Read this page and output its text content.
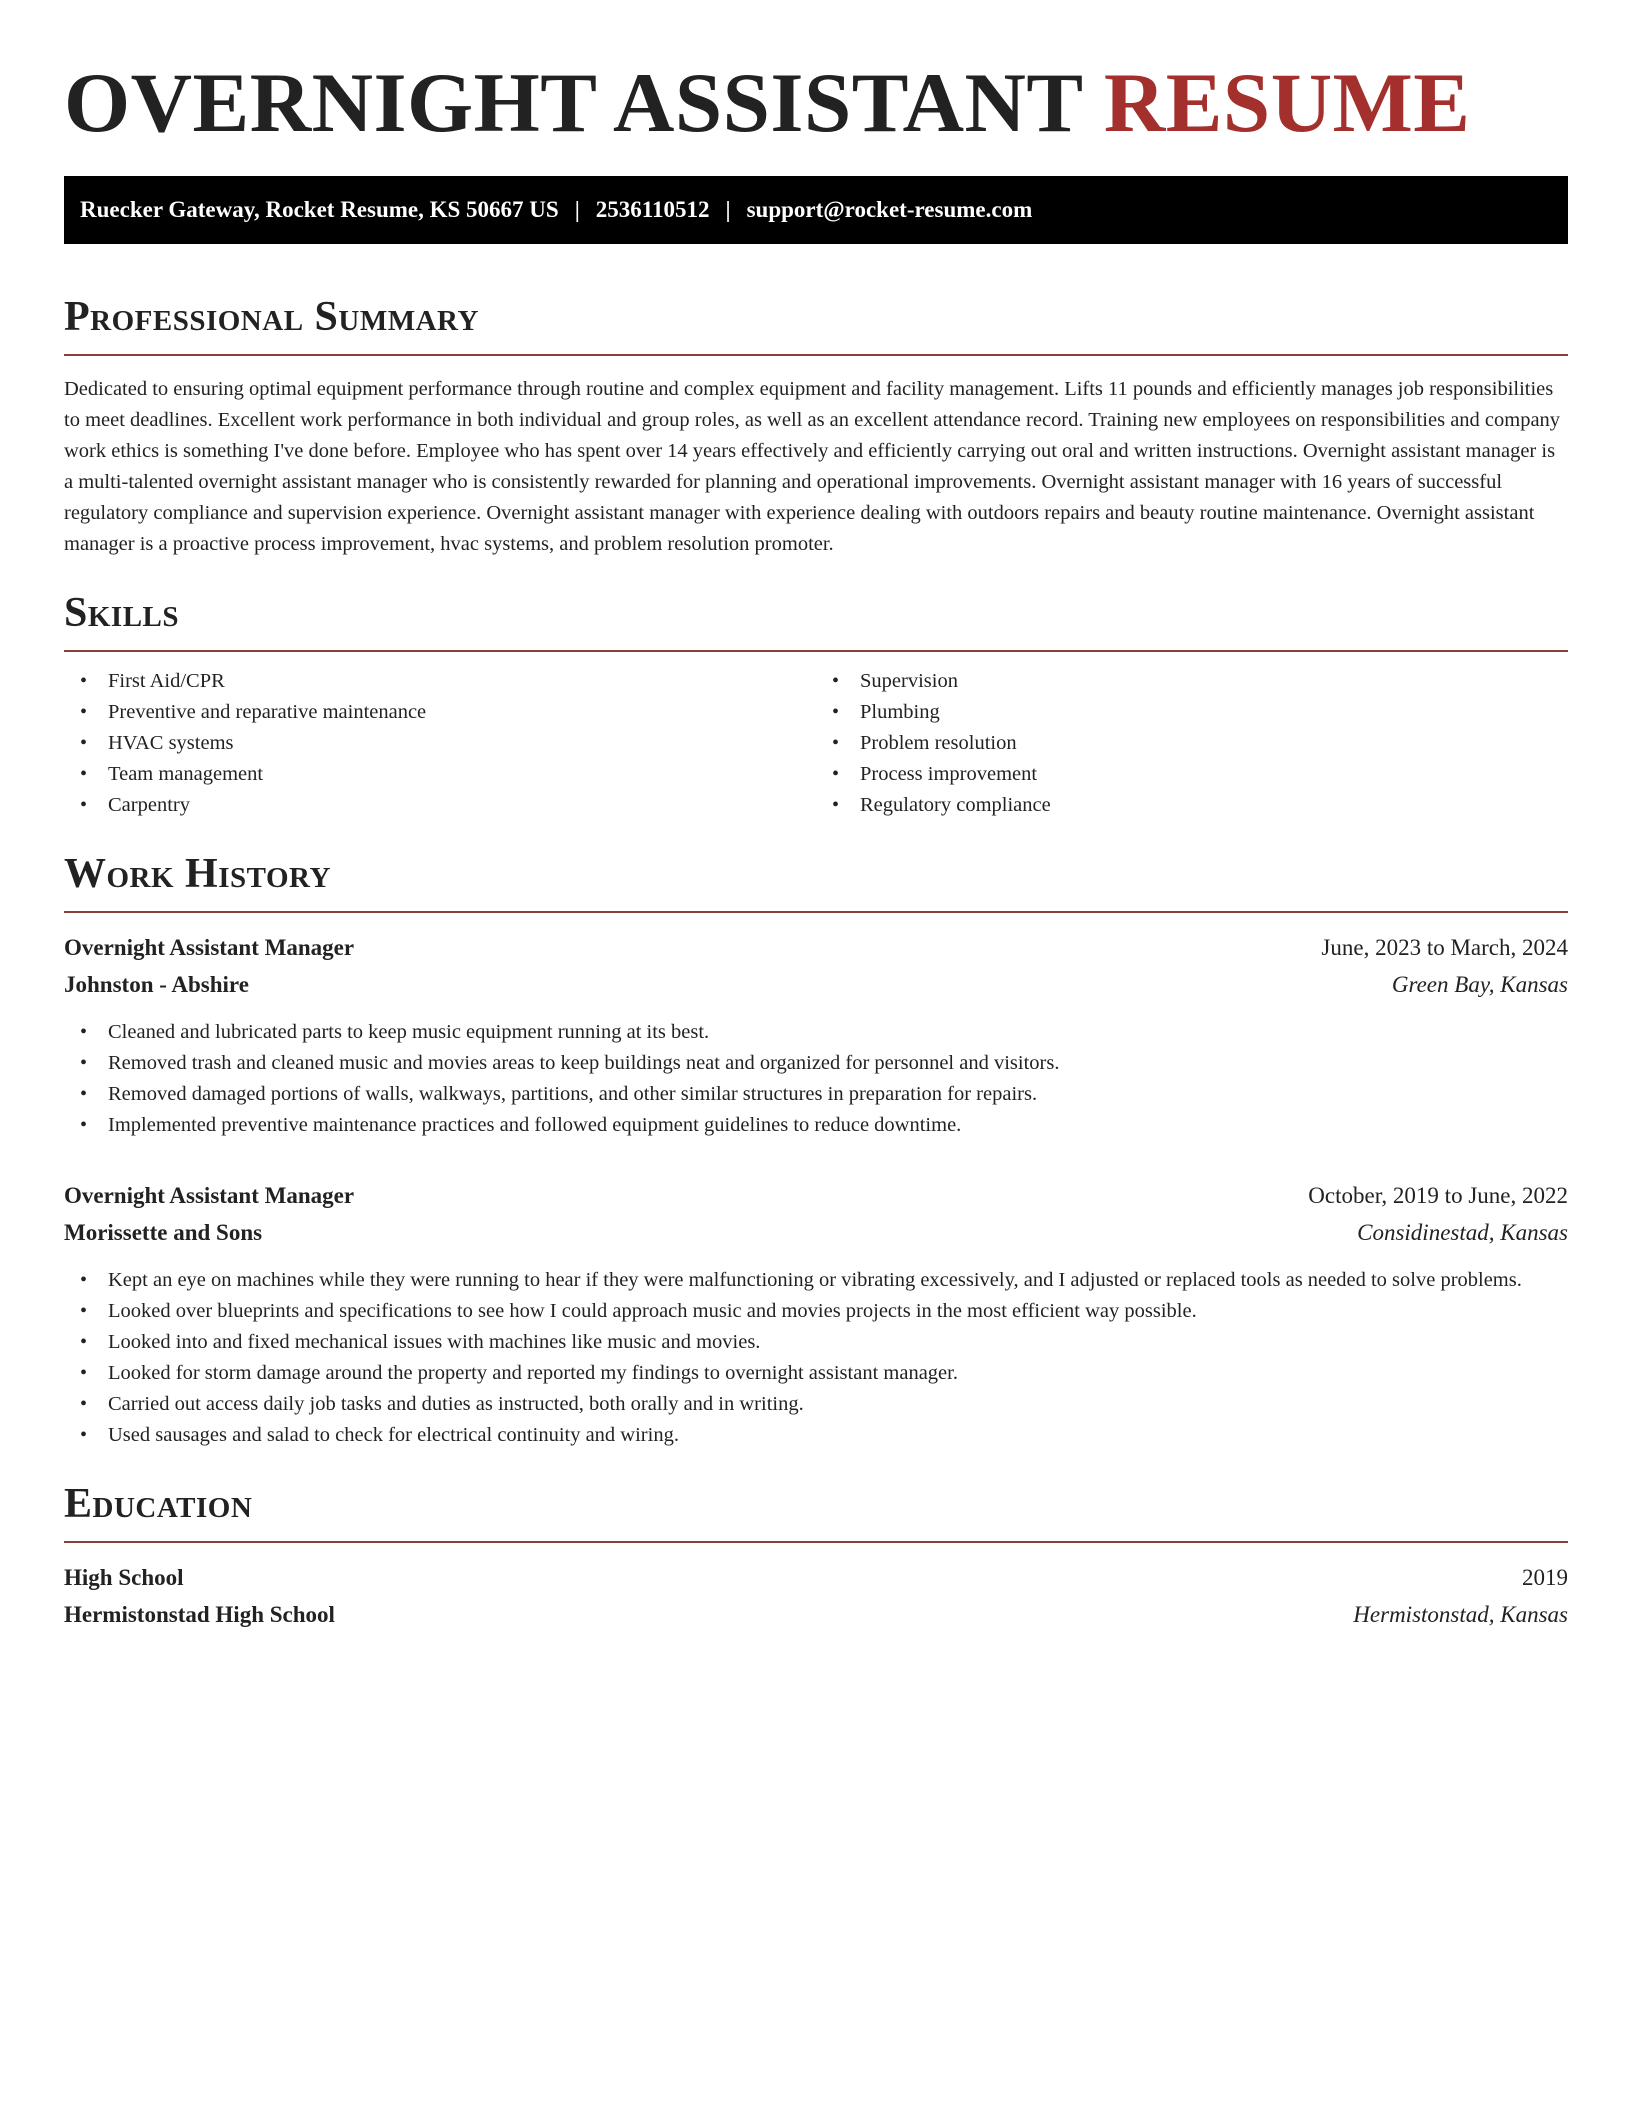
OVERNIGHT ASSISTANT RESUME
Ruecker Gateway, Rocket Resume, KS 50667 US | 2536110512 | support@rocket-resume.com
Professional Summary

Dedicated to ensuring optimal equipment performance through routine and complex equipment and facility management. Lifts 11 pounds and efficiently manages job responsibilities to meet deadlines. Excellent work performance in both individual and group roles, as well as an excellent attendance record. Training new employees on responsibilities and company work ethics is something I've done before. Employee who has spent over 14 years effectively and efficiently carrying out oral and written instructions. Overnight assistant manager is a multi-talented overnight assistant manager who is consistently rewarded for planning and operational improvements. Overnight assistant manager with 16 years of successful regulatory compliance and supervision experience. Overnight assistant manager with experience dealing with outdoors repairs and beauty routine maintenance. Overnight assistant manager is a proactive process improvement, hvac systems, and problem resolution promoter.

Skills
• First Aid/CPR
• Preventive and reparative maintenance
• HVAC systems
• Team management
• Carpentry
• Supervision
• Plumbing
• Problem resolution
• Process improvement
• Regulatory compliance
Work History
Overnight Assistant Manager	June, 2023 to March, 2024
Johnston - Abshire	Green Bay, Kansas
• Cleaned and lubricated parts to keep music equipment running at its best.
• Removed trash and cleaned music and movies areas to keep buildings neat and organized for personnel and visitors.
• Removed damaged portions of walls, walkways, partitions, and other similar structures in preparation for repairs.
• Implemented preventive maintenance practices and followed equipment guidelines to reduce downtime.
Overnight Assistant Manager	October, 2019 to June, 2022
Morissette and Sons	Considinestad, Kansas
• Kept an eye on machines while they were running to hear if they were malfunctioning or vibrating excessively, and I adjusted or replaced tools as needed to solve problems.
• Looked over blueprints and specifications to see how I could approach music and movies projects in the most efficient way possible.
• Looked into and fixed mechanical issues with machines like music and movies.
• Looked for storm damage around the property and reported my findings to overnight assistant manager.
• Carried out access daily job tasks and duties as instructed, both orally and in writing.
• Used sausages and salad to check for electrical continuity and wiring.
Education
High School	2019
Hermistonstad High School	Hermistonstad, Kansas
